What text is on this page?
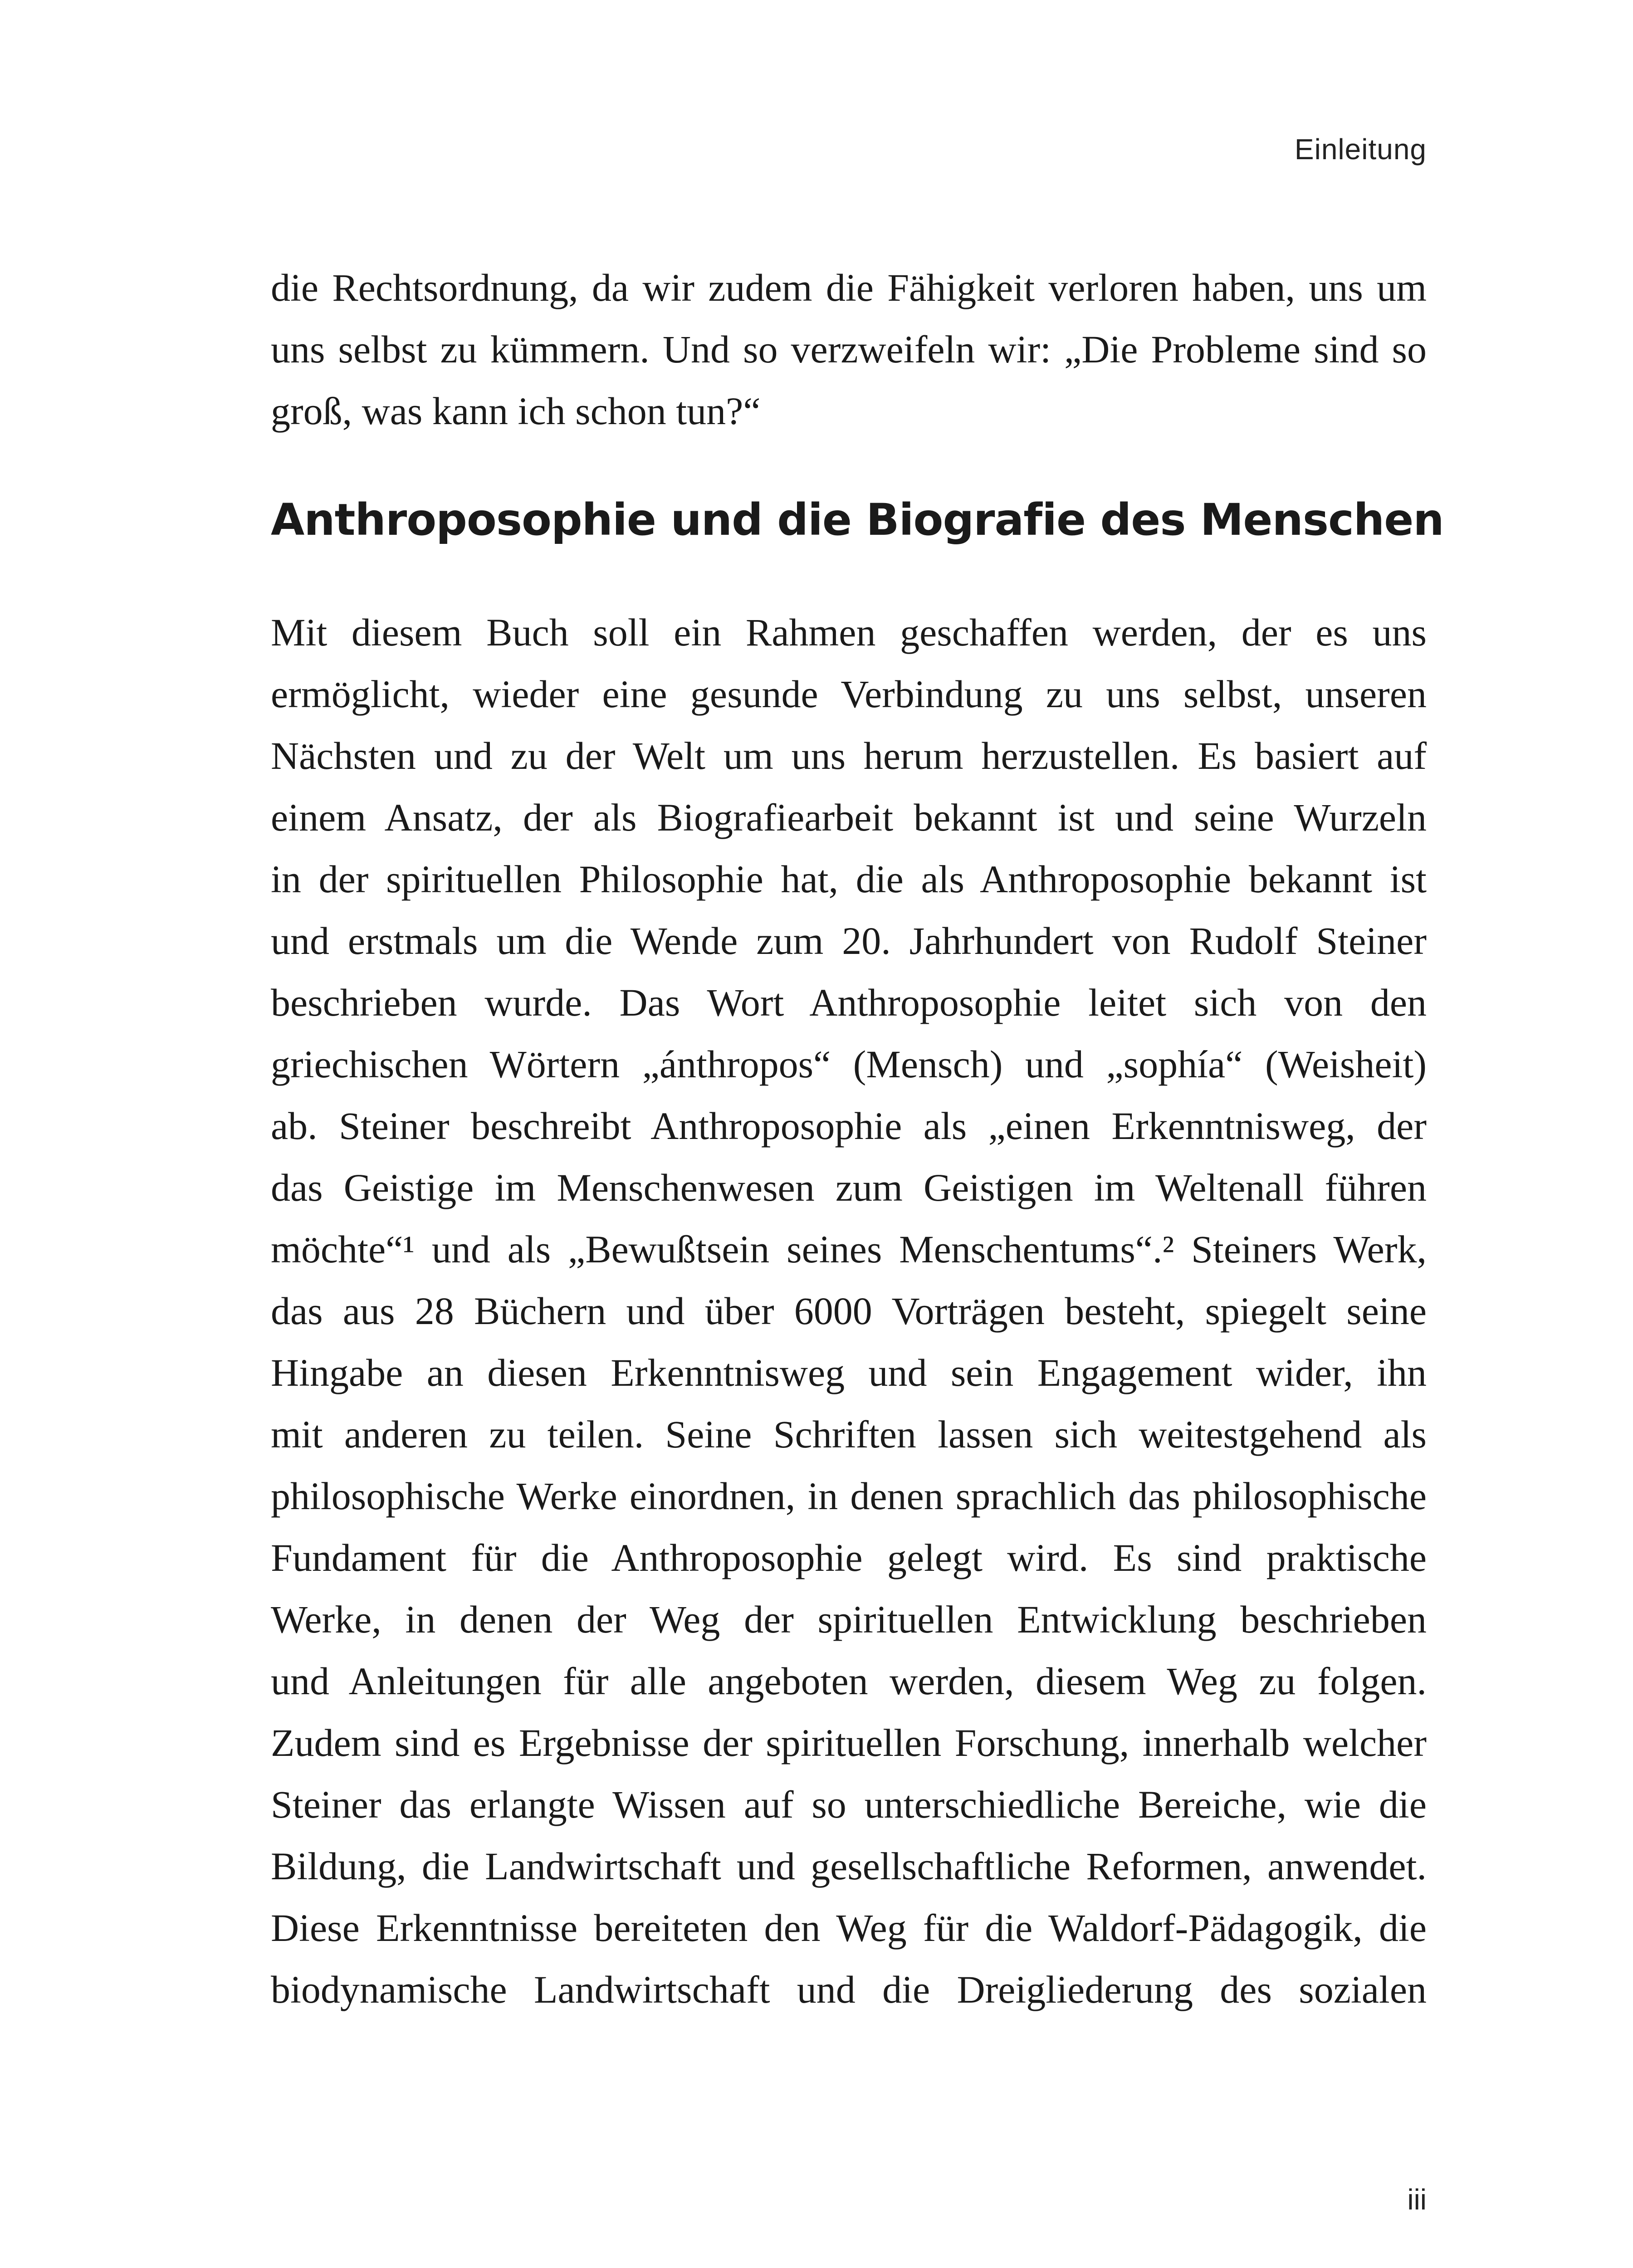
Einleitung
die Rechtsordnung, da wir zudem die Fähigkeit verloren haben, uns um
uns selbst zu kümmern. Und so verzweifeln wir: „Die Probleme sind so
groß, was kann ich schon tun?“
Anthroposophie und die Biografie des Menschen
Mit diesem Buch soll ein Rahmen geschaffen werden, der es uns
ermöglicht, wieder eine gesunde Verbindung zu uns selbst, unseren
Nächsten und zu der Welt um uns herum herzustellen. Es basiert auf
einem Ansatz, der als Biografiearbeit bekannt ist und seine Wurzeln
in der spirituellen Philosophie hat, die als Anthroposophie bekannt ist
und erstmals um die Wende zum 20. Jahrhundert von Rudolf Steiner
beschrieben wurde. Das Wort Anthroposophie leitet sich von den
griechischen Wörtern „ánthropos“ (Mensch) und „sophía“ (Weisheit)
ab. Steiner beschreibt Anthroposophie als „einen Erkenntnisweg, der
das Geistige im Menschenwesen zum Geistigen im Weltenall führen
möchte“¹ und als „Bewußtsein seines Menschentums“.² Steiners Werk,
das aus 28 Büchern und über 6000 Vorträgen besteht, spiegelt seine
Hingabe an diesen Erkenntnisweg und sein Engagement wider, ihn
mit anderen zu teilen. Seine Schriften lassen sich weitestgehend als
philosophische Werke einordnen, in denen sprachlich das philosophische
Fundament für die Anthroposophie gelegt wird. Es sind praktische
Werke, in denen der Weg der spirituellen Entwicklung beschrieben
und Anleitungen für alle angeboten werden, diesem Weg zu folgen.
Zudem sind es Ergebnisse der spirituellen Forschung, innerhalb welcher
Steiner das erlangte Wissen auf so unterschiedliche Bereiche, wie die
Bildung, die Landwirtschaft und gesellschaftliche Reformen, anwendet.
Diese Erkenntnisse bereiteten den Weg für die Waldorf-Pädagogik, die
biodynamische Landwirtschaft und die Dreigliederung des sozialen
iii
